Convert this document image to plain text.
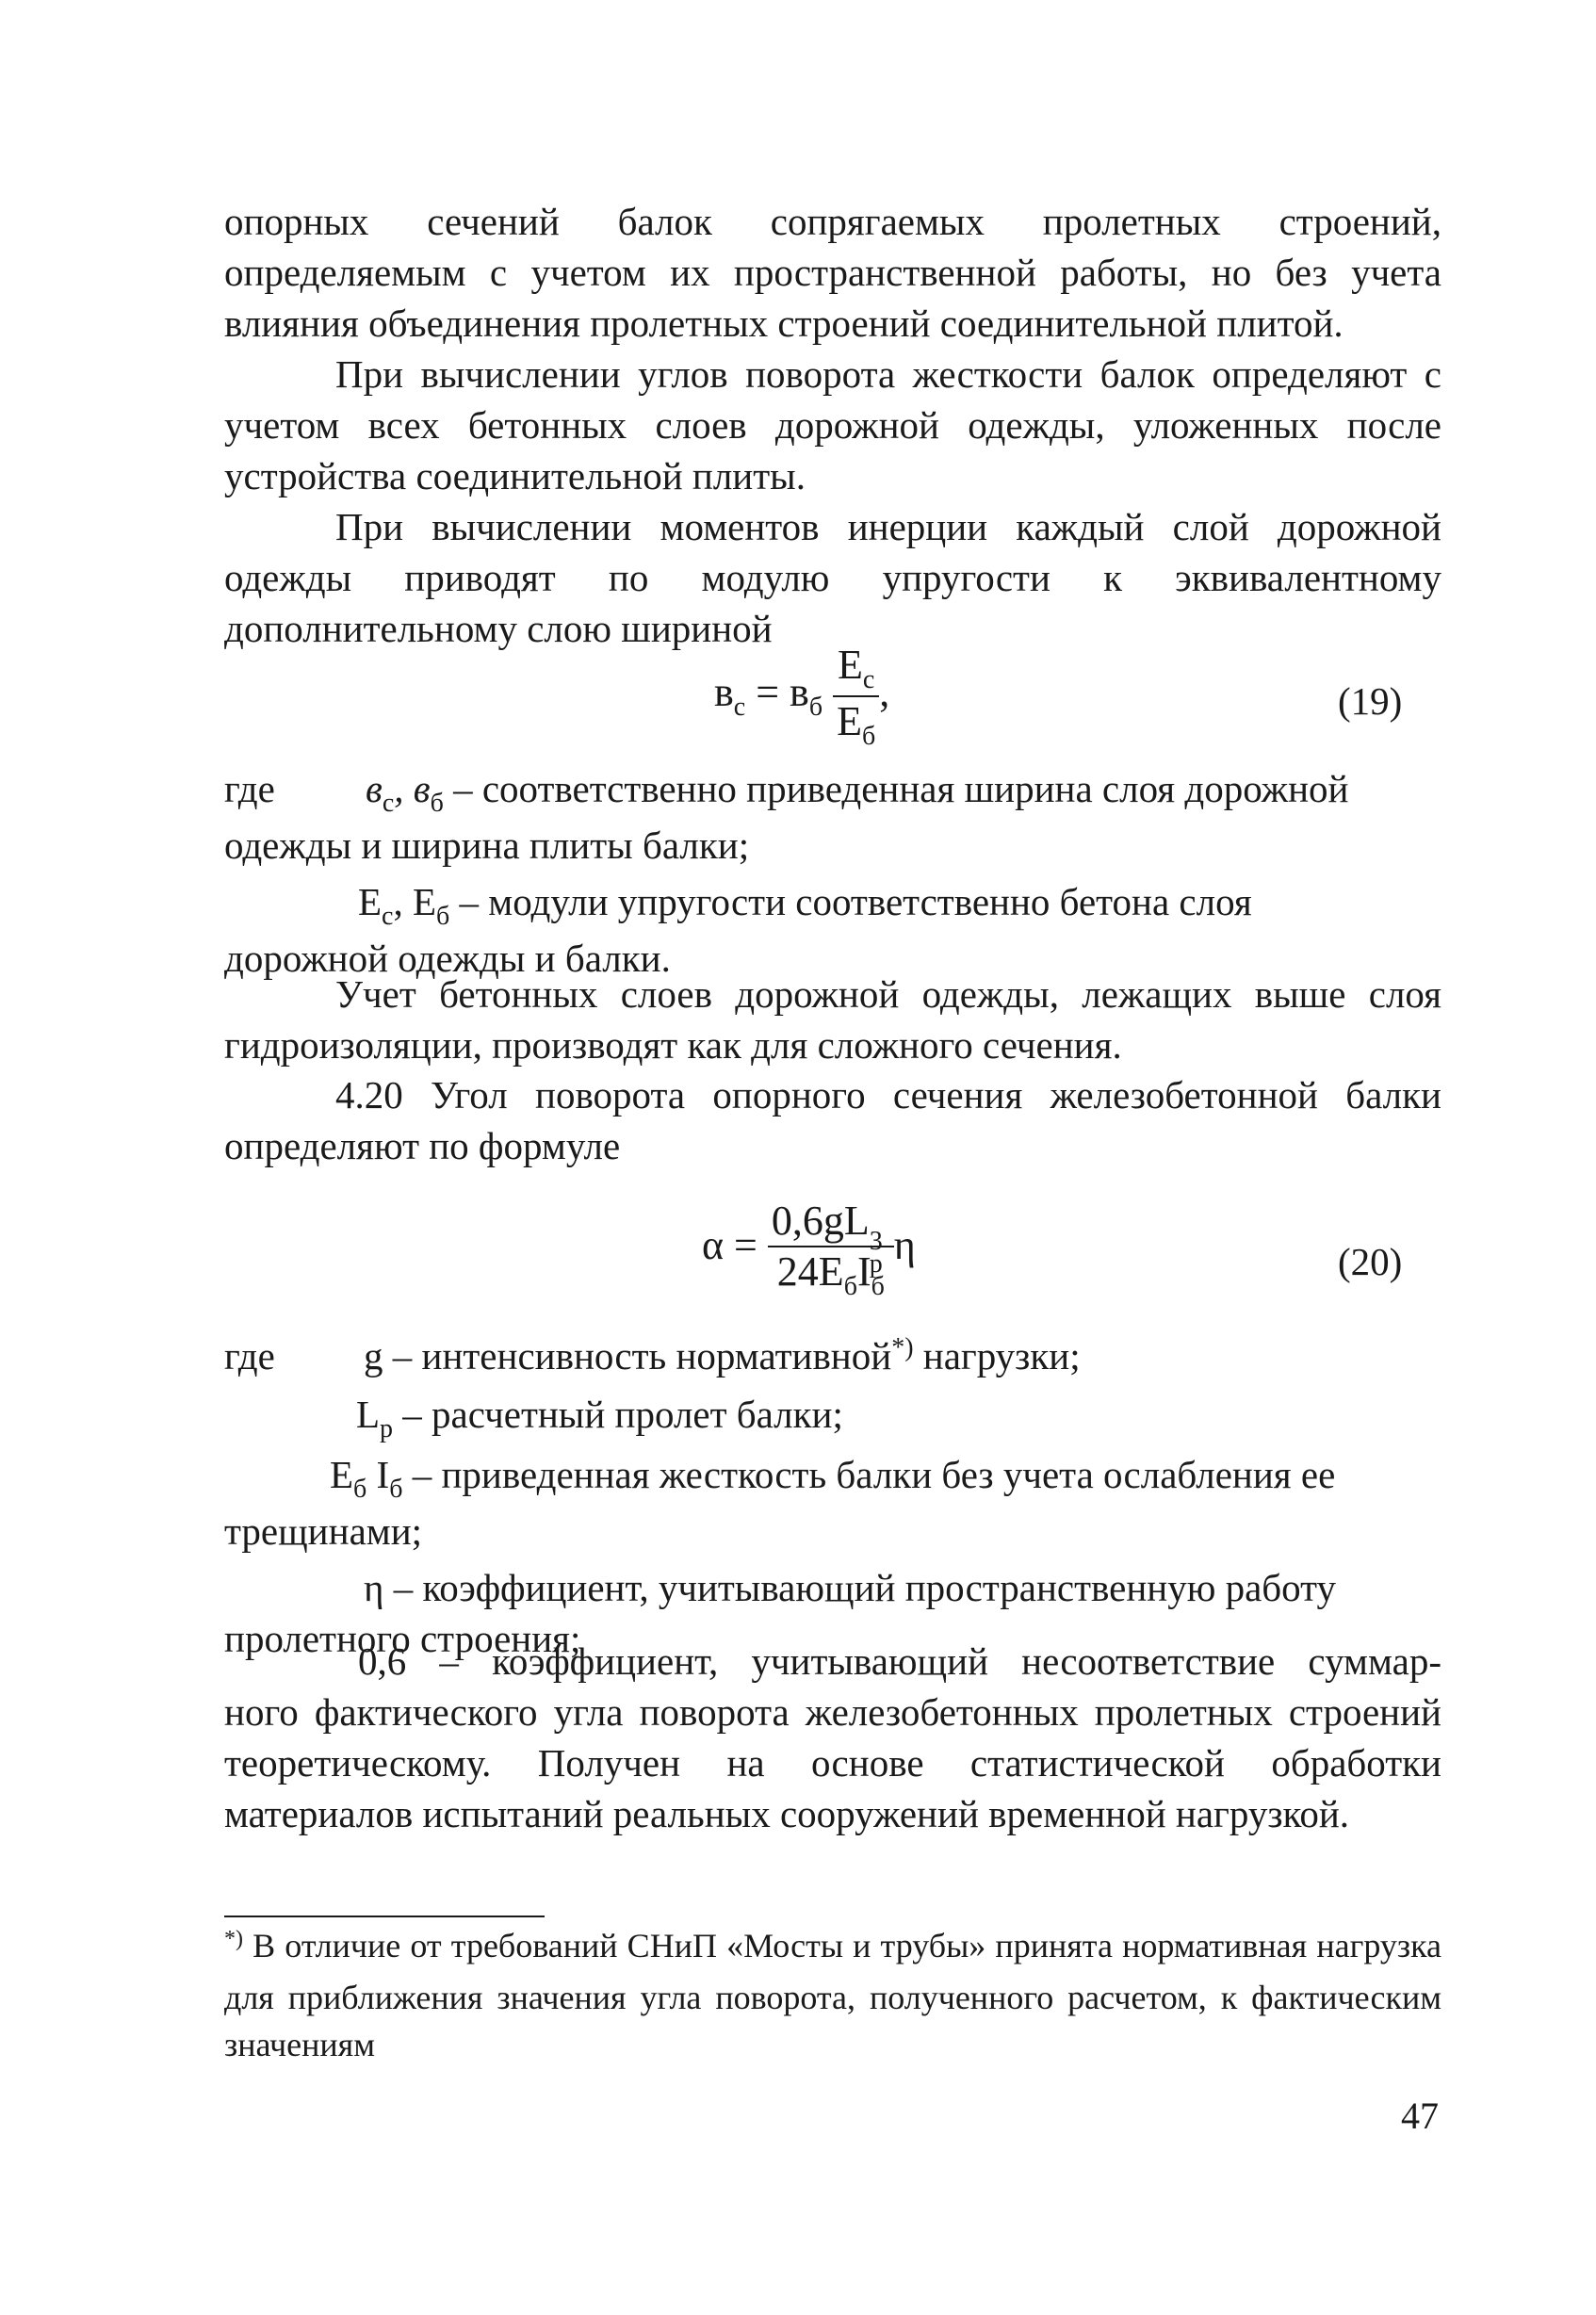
опорных сечений балок сопрягаемых пролетных строений,

определяемым с учетом их пространственной работы, но без учета влияния объединения пролетных строений соединительной плитой.

При вычислении углов поворота жесткости балок определяют с учетом всех бетонных слоев дорожной одежды, уложенных после устройства соединительной плиты.

При вычислении моментов инерции каждый слой дорожной одежды приводят по модулю упругости к эквивалентному дополнительному слою шириной

$в_с = в_б \frac{Е_с}{Е_б}$ ,	(19)

где $в_с$, $в_б$ – соответственно приведенная ширина слоя дорожной

одежды и ширина плиты балки;

$Е_с$, $Е_б$ – модули упругости соответственно бетона слоя

дорожной одежды и балки.

Учет бетонных слоев дорожной одежды, лежащих выше слоя гидроизоляции, производят как для сложного сечения.

4.20 Угол поворота опорного сечения железобетонной балки определяют по формуле

α = 0,6gL 3
р
$24Е_бI_б$ η	(20)

где g – интенсивность нормативной*) нагрузки;

$L_р$ – расчетный пролет балки;

$Е_б$ $I_б$ – приведенная жесткость балки без учета ослабления ее

трещинами;

η – коэффициент, учитывающий пространственную работу

пролетного строения;

0,6 – коэффициент, учитывающий несоответствие суммар-

ного фактического угла поворота железобетонных пролетных строений теоретическому. Получен на основе статистической обработки материалов испытаний реальных сооружений временной нагрузкой.

*) В отличие от требований СНиП «Мосты и трубы» принята нормативная нагрузка для приближения значения угла поворота, полученного расчетом, к фактическим значениям

47
